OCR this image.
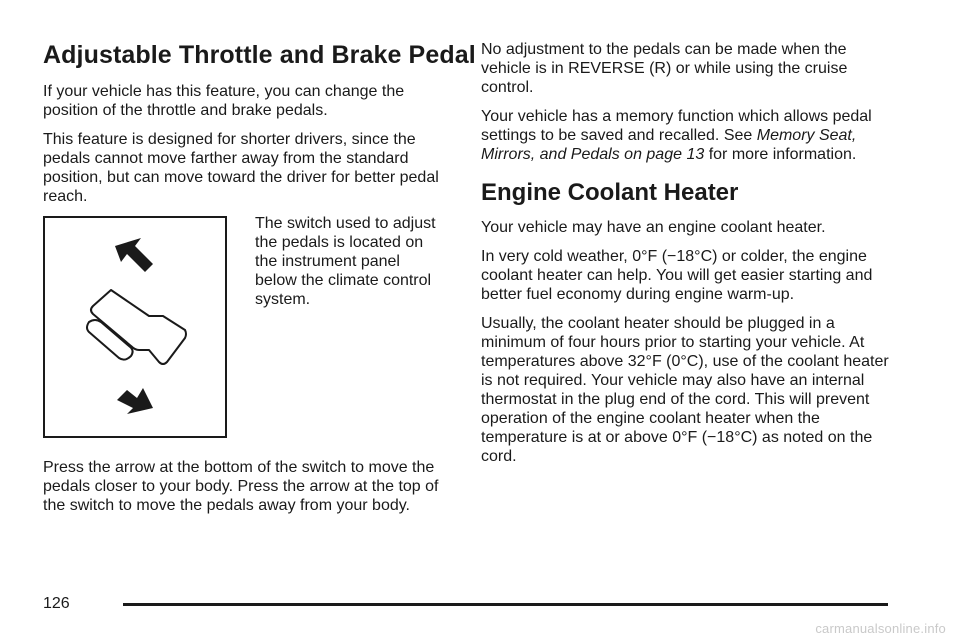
Adjustable Throttle and Brake Pedal

If your vehicle has this feature, you can change the position of the throttle and brake pedals.

This feature is designed for shorter drivers, since the pedals cannot move farther away from the standard position, but can move toward the driver for better pedal reach.

The switch used to adjust the pedals is located on the instrument panel below the climate control system.

Press the arrow at the bottom of the switch to move the pedals closer to your body. Press the arrow at the top of the switch to move the pedals away from your body.

No adjustment to the pedals can be made when the vehicle is in REVERSE (R) or while using the cruise control.

Your vehicle has a memory function which allows pedal settings to be saved and recalled. See Memory Seat, Mirrors, and Pedals on page 13 for more information.

Engine Coolant Heater

Your vehicle may have an engine coolant heater.

In very cold weather, 0°F (−18°C) or colder, the engine coolant heater can help. You will get easier starting and better fuel economy during engine warm-up.

Usually, the coolant heater should be plugged in a minimum of four hours prior to starting your vehicle. At temperatures above 32°F (0°C), use of the coolant heater is not required. Your vehicle may also have an internal thermostat in the plug end of the cord. This will prevent operation of the engine coolant heater when the temperature is at or above 0°F (−18°C) as noted on the cord.

126
carmanualsonline.info
